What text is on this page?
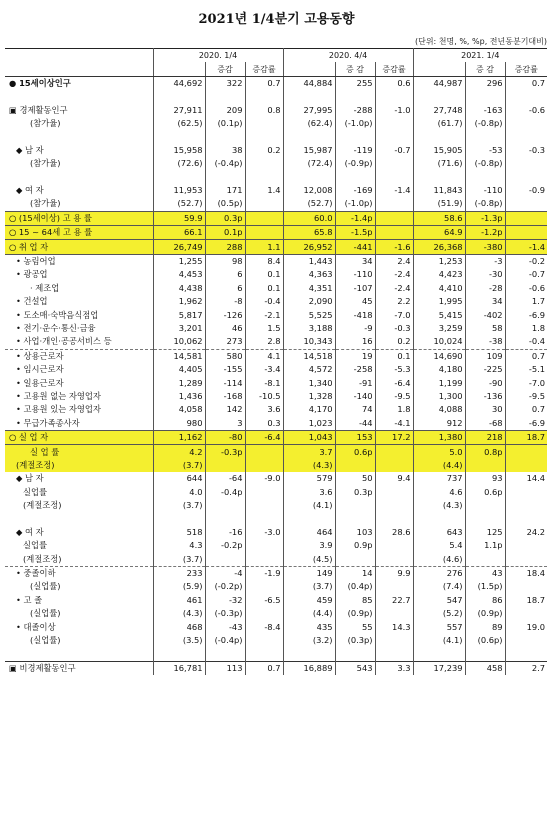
2021년 1/4분기 고용동향
(단위: 천명, %, %p, 전년동분기대비)
	2020. 1/4			2020. 4/4			2021. 1/4		
		증감	증감률		증 감	증감률		증 감	증감률
● 15세이상인구	44,692	322	0.7	44,884	255	0.6	44,987	296	0.7

▣ 경제활동인구	27,911	209	0.8	27,995	-288	-1.0	27,748	-163	-0.6
(참가율)	(62.5)	(0.1p)		(62.4)	(-1.0p)		(61.7)	(-0.8p)	

◆ 남 자	15,958	38	0.2	15,987	-119	-0.7	15,905	-53	-0.3
(참가율)	(72.6)	(-0.4p)		(72.4)	(-0.9p)		(71.6)	(-0.8p)	

◆ 여 자	11,953	171	1.4	12,008	-169	-1.4	11,843	-110	-0.9
(참가율)	(52.7)	(0.5p)		(52.7)	(-1.0p)		(51.9)	(-0.8p)	
○ (15세이상) 고 용 률	59.9	0.3p		60.0	-1.4p		58.6	-1.3p	
○ 15 ~ 64세 고 용 률	66.1	0.1p		65.8	-1.5p		64.9	-1.2p	
○ 취 업 자	26,749	288	1.1	26,952	-441	-1.6	26,368	-380	-1.4
• 농림어업	1,255	98	8.4	1,443	34	2.4	1,253	-3	-0.2
• 광공업	4,453	6	0.1	4,363	-110	-2.4	4,423	-30	-0.7
· 제조업	4,438	6	0.1	4,351	-107	-2.4	4,410	-28	-0.6
• 건설업	1,962	-8	-0.4	2,090	45	2.2	1,995	34	1.7
• 도소매·숙박음식점업	5,817	-126	-2.1	5,525	-418	-7.0	5,415	-402	-6.9
• 전기·운수·통신·금융	3,201	46	1.5	3,188	-9	-0.3	3,259	58	1.8
• 사업·개인·공공서비스 등	10,062	273	2.8	10,343	16	0.2	10,024	-38	-0.4
• 상용근로자	14,581	580	4.1	14,518	19	0.1	14,690	109	0.7
• 임시근로자	4,405	-155	-3.4	4,572	-258	-5.3	4,180	-225	-5.1
• 일용근로자	1,289	-114	-8.1	1,340	-91	-6.4	1,199	-90	-7.0
• 고용원 없는 자영업자	1,436	-168	-10.5	1,328	-140	-9.5	1,300	-136	-9.5
• 고용원 있는 자영업자	4,058	142	3.6	4,170	74	1.8	4,088	30	0.7
• 무급가족종사자	980	3	0.3	1,023	-44	-4.1	912	-68	-6.9
○ 실 업 자	1,162	-80	-6.4	1,043	153	17.2	1,380	218	18.7
실 업 률	4.2	-0.3p		3.7	0.6p		5.0	0.8p	
(계절조정)	(3.7)			(4.3)			(4.4)		
◆ 남 자	644	-64	-9.0	579	50	9.4	737	93	14.4
실업률	4.0	-0.4p		3.6	0.3p		4.6	0.6p	
(계절조정)	(3.7)			(4.1)			(4.3)		

◆ 여 자	518	-16	-3.0	464	103	28.6	643	125	24.2
실업률	4.3	-0.2p		3.9	0.9p		5.4	1.1p	
(계절조정)	(3.7)			(4.5)			(4.6)		
• 중졸이하	233	-4	-1.9	149	14	9.9	276	43	18.4
(실업률)	(5.9)	(-0.2p)		(3.7)	(0.4p)		(7.4)	(1.5p)	
• 고 졸	461	-32	-6.5	459	85	22.7	547	86	18.7
(실업률)	(4.3)	(-0.3p)		(4.4)	(0.9p)		(5.2)	(0.9p)	
• 대졸이상	468	-43	-8.4	435	55	14.3	557	89	19.0
(실업률)	(3.5)	(-0.4p)		(3.2)	(0.3p)		(4.1)	(0.6p)	

▣ 비경제활동인구	16,781	113	0.7	16,889	543	3.3	17,239	458	2.7
